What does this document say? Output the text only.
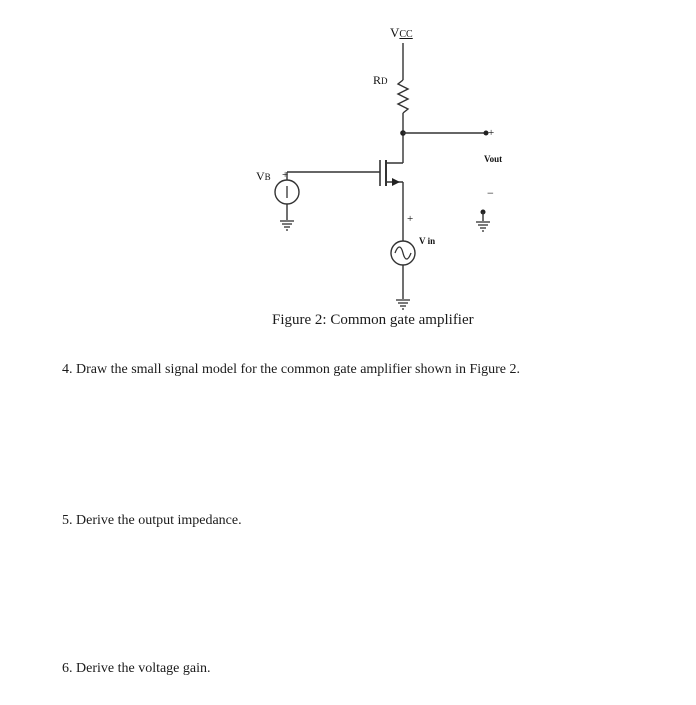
VCC
RD
+
Vout
−
VB +
+
V in
Figure 2: Common gate amplifier
4. Draw the small signal model for the common gate amplifier shown in Figure 2.
5. Derive the output impedance.
6. Derive the voltage gain.
